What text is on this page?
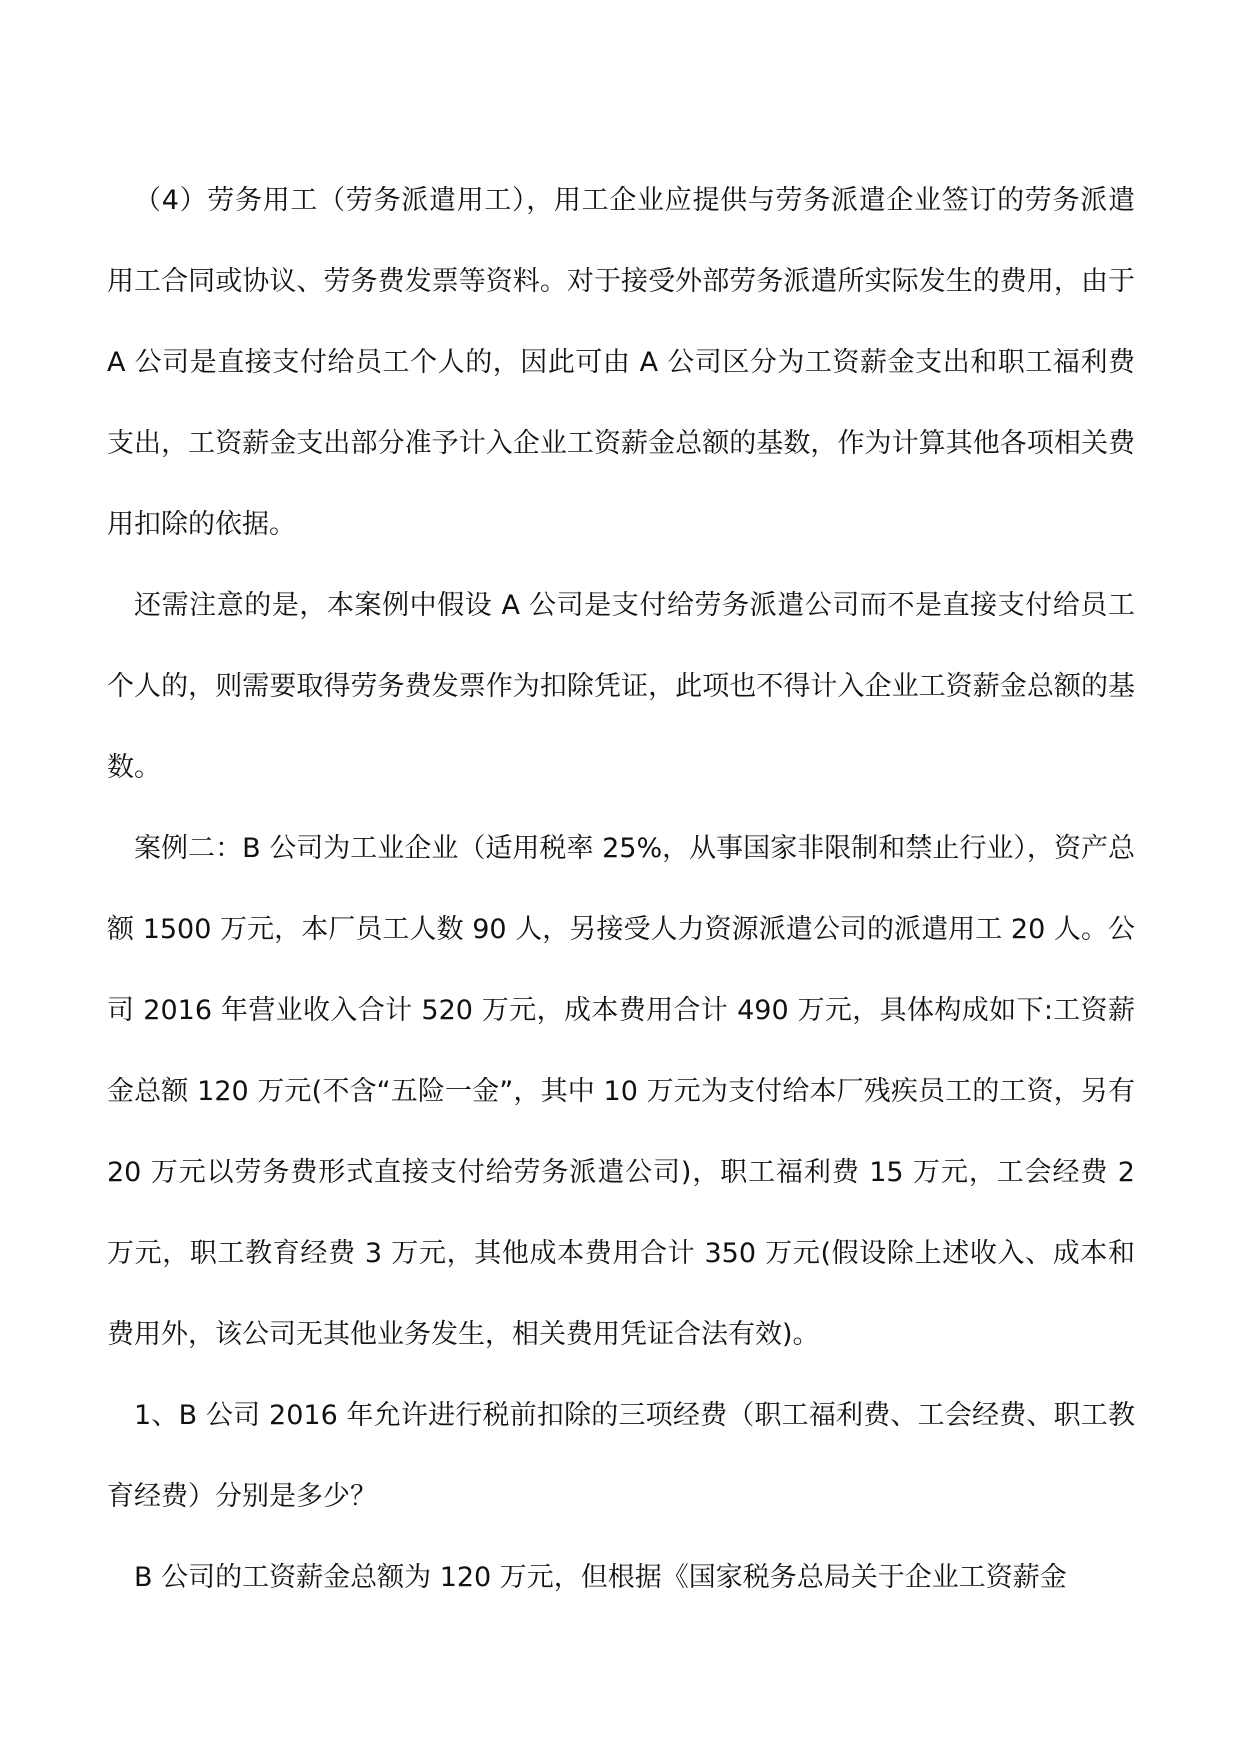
（4）劳务用工（劳务派遣用工），用工企业应提供与劳务派遣企业签订的劳务派遣用工合同或协议、劳务费发票等资料。对于接受外部劳务派遣所实际发生的费用，由于 A 公司是直接支付给员工个人的，因此可由 A 公司区分为工资薪金支出和职工福利费支出，工资薪金支出部分准予计入企业工资薪金总额的基数，作为计算其他各项相关费用扣除的依据。

还需注意的是，本案例中假设 A 公司是支付给劳务派遣公司而不是直接支付给员工个人的，则需要取得劳务费发票作为扣除凭证，此项也不得计入企业工资薪金总额的基数。

案例二：B 公司为工业企业（适用税率 25%，从事国家非限制和禁止行业），资产总额 1500 万元，本厂员工人数 90 人，另接受人力资源派遣公司的派遣用工 20 人。公司 2016 年营业收入合计 520 万元，成本费用合计 490 万元，具体构成如下:工资薪金总额 120 万元(不含“五险一金”，其中 10 万元为支付给本厂残疾员工的工资，另有 20 万元以劳务费形式直接支付给劳务派遣公司)，职工福利费 15 万元，工会经费 2 万元，职工教育经费 3 万元，其他成本费用合计 350 万元(假设除上述收入、成本和费用外，该公司无其他业务发生，相关费用凭证合法有效)。

1、B 公司 2016 年允许进行税前扣除的三项经费（职工福利费、工会经费、职工教育经费）分别是多少？

B 公司的工资薪金总额为 120 万元，但根据《国家税务总局关于企业工资薪金
